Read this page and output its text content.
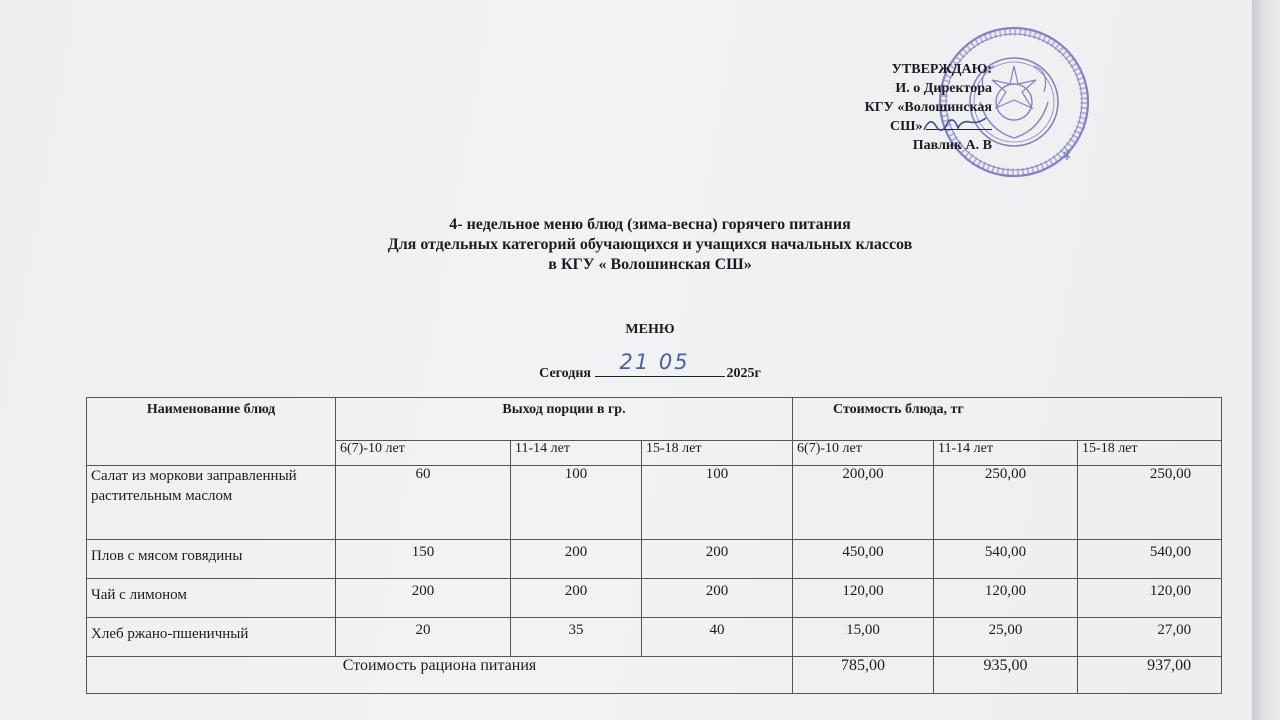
УТВЕРЖДАЮ:
И. о Директора
КГУ «Волошинская
СШ»
Павлик А. В
4- недельное меню блюд (зима-весна) горячего питания
Для отдельных категорий обучающихся и учащихся начальных классов
в КГУ « Волошинская СШ»
МЕНЮ
Сегодня 21 05	2025г
Наименование блюд	Выход порции в гр.			Стоимость блюда, тг		
	6(7)-10 лет	11-14 лет	15-18 лет	6(7)-10 лет	11-14 лет	15-18 лет
Салат из моркови заправленный растительным маслом	60	100	100	200,00	250,00	250,00
Плов с мясом говядины	150	200	200	450,00	540,00	540,00
Чай с лимоном	200	200	200	120,00	120,00	120,00
Хлеб ржано-пшеничный	20	35	40	15,00	25,00	27,00
Стоимость рациона питания				785,00	935,00	937,00
